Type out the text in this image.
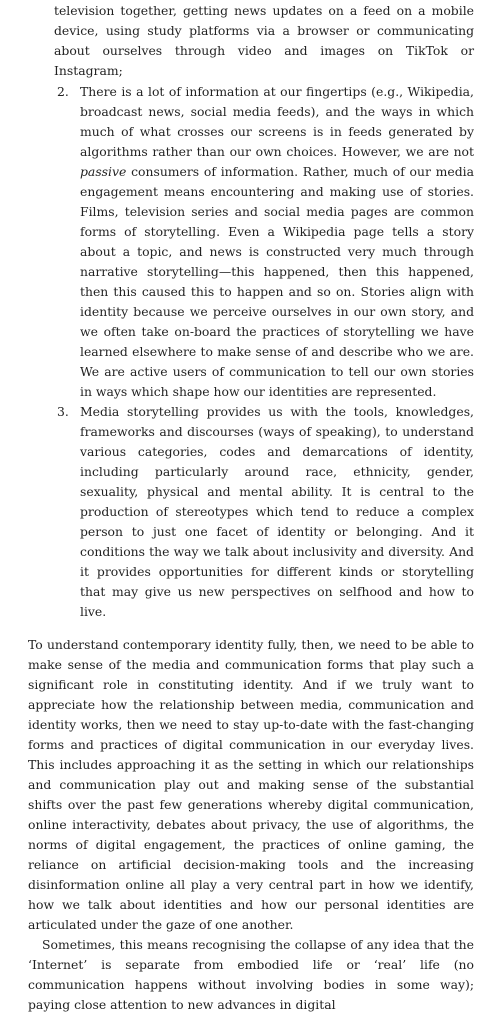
television together, getting news updates on a feed on a mobile device, using study platforms via a browser or communicating about ourselves through video and images on TikTok or Instagram;

2. There is a lot of information at our fingertips (e.g., Wikipedia, broadcast news, social media feeds), and the ways in which much of what crosses our screens is in feeds generated by algorithms rather than our own choices. However, we are not passive consumers of information. Rather, much of our media engagement means encountering and making use of stories. Films, television series and social media pages are common forms of storytelling. Even a Wikipedia page tells a story about a topic, and news is constructed very much through narrative storytelling—this happened, then this happened, then this caused this to happen and so on. Stories align with identity because we perceive ourselves in our own story, and we often take on-board the practices of storytelling we have learned elsewhere to make sense of and describe who we are. We are active users of communication to tell our own stories in ways which shape how our identities are represented.

3. Media storytelling provides us with the tools, knowledges, frameworks and discourses (ways of speaking), to understand various categories, codes and demarcations of identity, including particularly around race, ethnicity, gender, sexuality, physical and mental ability. It is central to the production of stereotypes which tend to reduce a complex person to just one facet of identity or belonging. And it conditions the way we talk about inclusivity and diversity. And it provides opportunities for different kinds or storytelling that may give us new perspectives on selfhood and how to live.

To understand contemporary identity fully, then, we need to be able to make sense of the media and communication forms that play such a significant role in constituting identity. And if we truly want to appreciate how the relationship between media, communication and identity works, then we need to stay up-to-date with the fast-changing forms and practices of digital communication in our everyday lives. This includes approaching it as the setting in which our relationships and communication play out and making sense of the substantial shifts over the past few generations whereby digital communication, online interactivity, debates about privacy, the use of algorithms, the norms of digital engagement, the practices of online gaming, the reliance on artificial decision-making tools and the increasing disinformation online all play a very central part in how we identify, how we talk about identities and how our personal identities are articulated under the gaze of one another.

Sometimes, this means recognising the collapse of any idea that the ‘Internet’ is separate from embodied life or ‘real’ life (no communication happens without involving bodies in some way); paying close attention to new advances in digital
